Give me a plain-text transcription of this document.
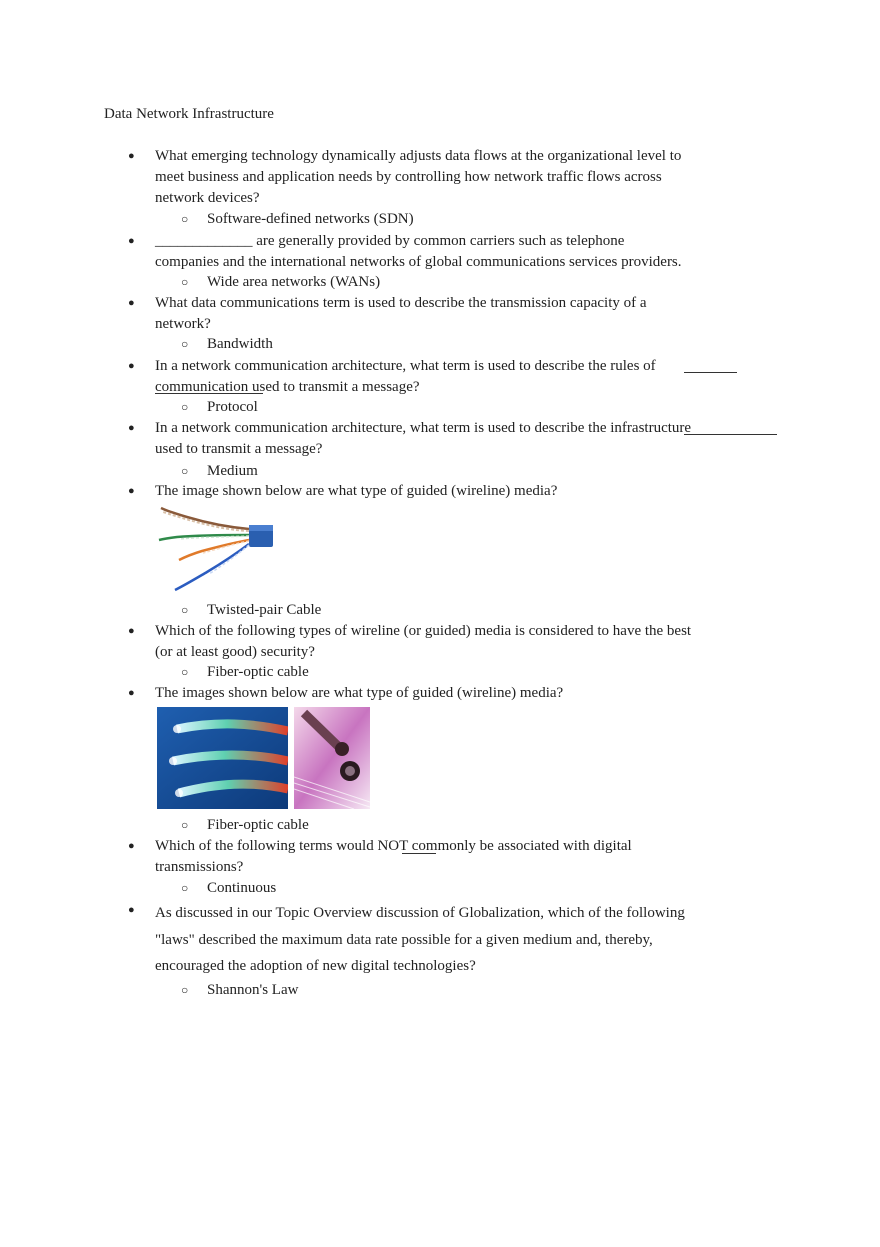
Data Network Infrastructure
● What emerging technology dynamically adjusts data flows at the organizational level to
meet business and application needs by controlling how network traffic flows across
network devices?
○ Software-defined networks (SDN)
● _____________ are generally provided by common carriers such as telephone
companies and the international networks of global communications services providers.
○ Wide area networks (WANs)
● What data communications term is used to describe the transmission capacity of a
network?
○ Bandwidth
● In a network communication architecture, what term is used to describe the rules of
communication used to transmit a message?
○ Protocol
● In a network communication architecture, what term is used to describe the infrastructure
used to transmit a message?
○ Medium
● The image shown below are what type of guided (wireline) media?
○ Twisted-pair Cable
● Which of the following types of wireline (or guided) media is considered to have the best
(or at least good) security?
○ Fiber-optic cable
● The images shown below are what type of guided (wireline) media?
○ Fiber-optic cable
● Which of the following terms would NOT commonly be associated with digital
transmissions?
○ Continuous
● As discussed in our Topic Overview discussion of Globalization, which of the following
"laws" described the maximum data rate possible for a given medium and, thereby,
encouraged the adoption of new digital technologies?
○ Shannon's Law
